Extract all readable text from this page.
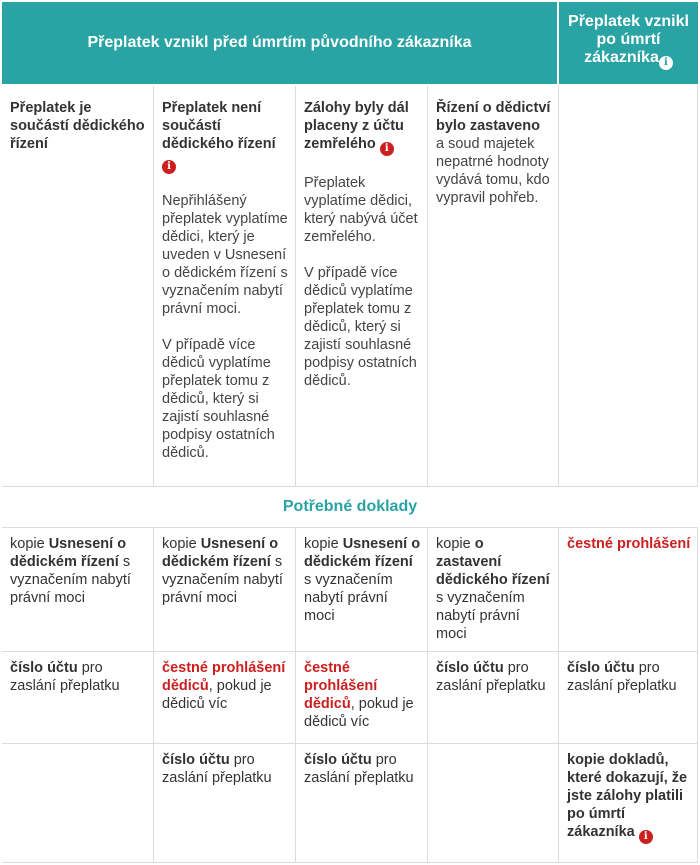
Přeplatek vznikl před úmrtím původního zákazníka
Přeplatek vznikl po úmrtí zákazníka i
Přeplatek je součástí dědického řízení
Přeplatek není součástí dědického řízení i

Nepřihlášený přeplatek vyplatíme dědici, který je uveden v Usnesení o dědickém řízení s vyznačením nabytí právní moci.

V případě více dědiců vyplatíme přeplatek tomu z dědiců, který si zajistí souhlasné podpisy ostatních dědiců.

Zálohy byly dál placeny z účtu zemřelého i

Přeplatek vyplatíme dědici, který nabývá účet zemřelého.

V případě více dědiců vyplatíme přeplatek tomu z dědiců, který si zajistí souhlasné podpisy ostatních dědiců.

Řízení o dědictví bylo zastaveno a soud majetek nepatrné hodnoty vydává tomu, kdo vypravil pohřeb.
Potřebné doklady
kopie Usnesení o dědickém řízení s vyznačením nabytí právní moci
kopie Usnesení o dědickém řízení s vyznačením nabytí právní moci
kopie Usnesení o dědickém řízení s vyznačením nabytí právní moci
kopie o zastavení dědického řízení s vyznačením nabytí právní moci
čestné prohlášení
číslo účtu pro zaslání přeplatku
čestné prohlášení dědiců, pokud je dědiců víc
čestné prohlášení dědiců, pokud je dědiců víc
číslo účtu pro zaslání přeplatku
číslo účtu pro zaslání přeplatku
číslo účtu pro zaslání přeplatku
číslo účtu pro zaslání přeplatku
kopie dokladů, které dokazují, že jste zálohy platili po úmrtí zákazníka i
